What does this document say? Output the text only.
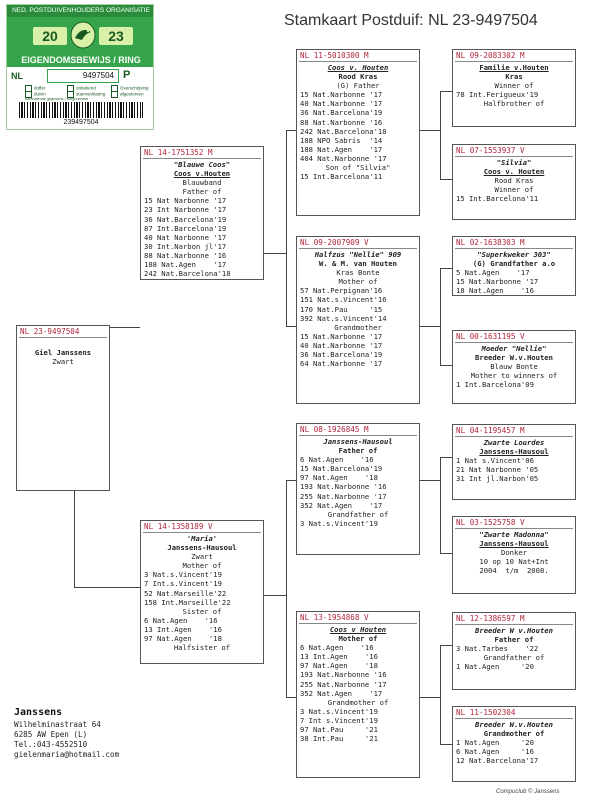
Stamkaart Postduif: NL 23-9497504
NED. POSTDUIVENHOUDERS ORGANISATIE
20	23
EIGENDOMSBEWIJS / RING
NL	9497504 P
doffer
duivin
onbekend
stamverklaring
Overschrijving
afgestorven
Aanvullende gegevens / Ringnummer
239497504
NL 23-9497504
Giel Janssens
Zwart
NL 14-1751352 M
"Blauwe Coos"
Coos v.Houten
Blauwband
Father of
15 Nat Narbonne '17
23 Int Narbonne '17
36 Nat.Barcelona'19
87 Int.Barcelona'19
40 Nat Narbonne '17
30 Int.Narbon jl'17
88 Nat.Narbonne '16
188 Nat.Agen    '17
242 Nat.Barcelona'18
NL 14-1358189 V
'Maria'
Janssens-Hausoul
Zwart
Mother of
3 Nat.s.Vincent'19
7 Int.s.Vincent'19
52 Nat.Marseille'22
158 Int.Marseille'22
Sister of
6 Nat.Agen    '16
13 Int.Agen    '16
97 Nat.Agen    '18
Halfsister of
NL 11-5010300 M
Coos v. Houten
Rood Kras
(G) Father
15 Nat.Narbonne '17
40 Nat.Narbonne '17
36 Nat.Barcelona'19
88 Nat.Narbonne '16
242 Nat.Barcelona'18
188 NPO Sabris  '14
188 Nat.Agen    '17
404 Nat.Narbonne '17
Son of "Silvia"
15 Int.Barcelona'11
NL 09-2007909 V
Halfzus "Nellie" 909
W. & M. van Houten
Kras Bonte
Mother of
57 Nat.Perpignan'16
151 Nat.s.Vincent'16
170 Nat.Pau     '15
392 Nat.s.Vincent'14
Grandmother
15 Nat.Narbonne '17
40 Nat.Narbonne '17
36 Nat.Barcelona'19
64 Nat.Narbonne '17
NL 08-1926845 M
Janssens-Hausoul
Father of
6 Nat.Agen    '16
15 Nat.Barcelona'19
97 Nat.Agen    '18
193 Nat.Narbonne '16
255 Nat.Narbonne '17
352 Nat.Agen    '17
Grandfather of
3 Nat.s.Vincent'19
NL 13-1954868 V
Coos v Houten
Mother of
6 Nat.Agen    '16
13 Int.Agen    '16
97 Nat.Agen    '18
193 Nat.Narbonne '16
255 Nat.Narbonne '17
352 Nat.Agen    '17
Grandmother of
3 Nat.s.Vincent'19
7 Int s.Vincent'19
97 Nat.Pau     '21
38 Int.Pau     '21
NL 09-2083302 M
Familie v.Houten
Kras
Winner of
78 Int.Ferigueux'19
Halfbrother of
NL 07-1553937 V
"Silvia"
Coos v. Houten
Rood Kras
Winner of
15 Int.Barcelona'11
NL 02-1638303 M
"Superkweker 303"
(G) Grandfather a.o
5 Nat.Agen    '17
15 Nat.Narbonne '17
18 Nat.Agen    '16
NL 00-1631195 V
Moeder "Nellie"
Breeder W.v.Houten
Blauw Bonte
Mother to winners of
1 Int.Barcelona'09
NL 04-1195457 M
Zwarte Lourdes
Janssens-Hausoul
1 Nat s.Vincent'06
21 Nat Narbonne '05
31 Int jl.Narbon'05
NL 03-1525758 V
"Zwarte Madonna"
Janssens-Hausoul
Donker
10 op 10 Nat+Int
2004  t/m  2008.
NL 12-1386597 M
Breeder W v.Houten
Father of
3 Nat.Tarbes    '22
Grandfather of
1 Nat.Agen     '20
NL 11-1502304
Breeder W.v.Houten
Grandmother of
1 Nat.Agen     '20
6 Nat.Agen     '16
12 Nat.Barcelona'17
Janssens
Wilhelminastraat 64
6285 AW Epen (L)
Tel.:043-4552510
gielenmaria@hotmail.com
Compuclub © Janssens
